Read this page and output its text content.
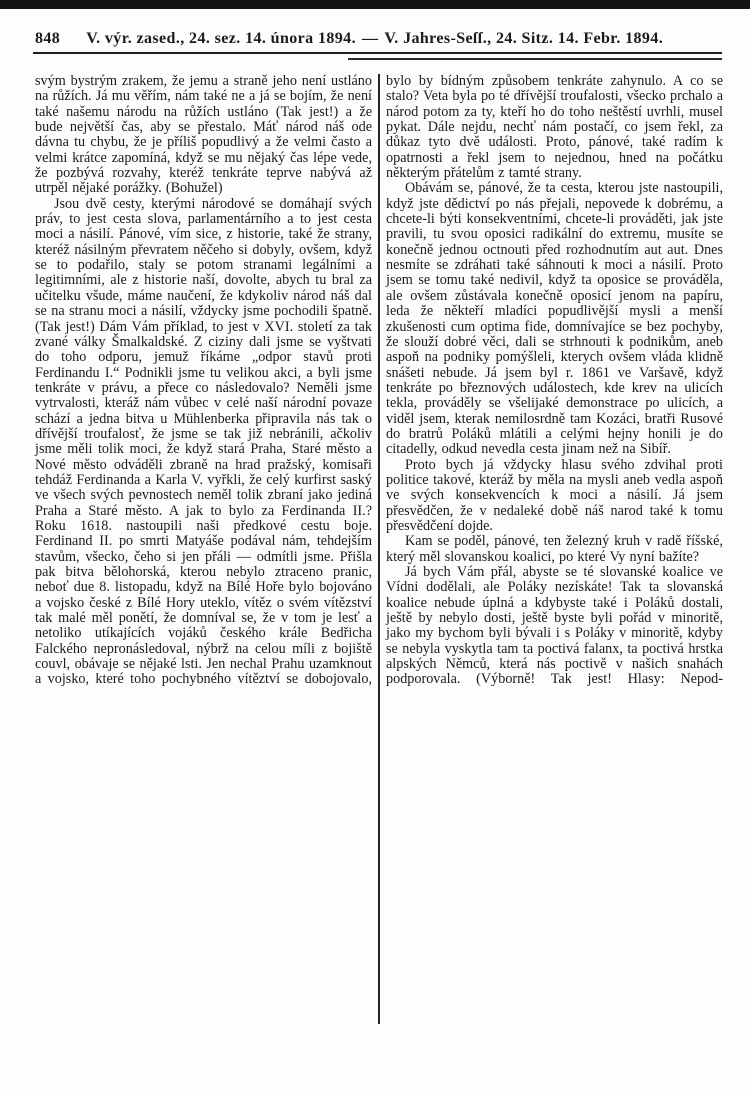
848 V. výr. zased., 24. sez. 14. února 1894. — V. Jahres-Seſſ., 24. Sitz. 14. Febr. 1894.

svým bystrým zrakem, že jemu a straně jeho není ustláno na růžích. Já mu věřím, nám také ne a já se bojím, že není také našemu národu na růžích ustláno (Tak jest!) a že bude největší čas, aby se přestalo. Máť národ náš ode dávna tu chybu, že je příliš popudlivý a že velmi často a velmi krátce zapomíná, když se mu nějaký čas lépe vede, že pozbývá rozvahy, kteréž tenkráte teprve nabývá až utrpěl nějaké porážky. (Bohužel)

Jsou dvě cesty, kterými národové se domáhají svých práv, to jest cesta slova, parlamentárního a to jest cesta moci a násilí. Pánové, vím sice, z historie, také že strany, kteréž násilným převratem něčeho si dobyly, ovšem, když se to podařilo, staly se potom stranami legálními a legitimními, ale z historie naší, dovolte, abych tu bral za učitelku všude, máme naučení, že kdykoliv národ náš dal se na stranu moci a násilí, vždycky jsme pochodili špatně. (Tak jest!) Dám Vám příklad, to jest v XVI. století za tak zvané války Šmalkaldské. Z ciziny dali jsme se vyštvati do toho odporu, jemuž říkáme „odpor stavů proti Ferdinandu I.“ Podnikli jsme tu velikou akci, a byli jsme tenkráte v právu, a přece co následovalo? Neměli jsme vytrvalosti, kteráž nám vůbec v celé naší národní povaze schází a jedna bitva u Mühlenberka připravila nás tak o dřívější troufalosť, že jsme se tak již nebránili, ačkoliv jsme měli tolik moci, že když stará Praha, Staré město a Nové město odváděli zbraně na hrad pražský, komisaři tehdáž Ferdinanda a Karla V. vyřkli, že celý kurfirst saský ve všech svých pevnostech neměl tolik zbraní jako jediná Praha a Staré město. A jak to bylo za Ferdinanda II.? Roku 1618. nastoupili naši předkové cestu boje. Ferdinand II. po smrti Matyáše podával nám, tehdejším stavům, všecko, čeho si jen přáli — odmítli jsme. Přišla pak bitva bělohorská, kterou nebylo ztraceno pranic, neboť due 8. listopadu, když na Bílé Hoře bylo bojováno a vojsko české z Bílé Hory uteklo, vítěz o svém vítězství tak malé měl ponětí, že domníval se, že v tom je lesť a netoliko utíkajících vojáků českého krále Bedřicha Falckého nepronásledoval, nýbrž na celou míli z bojiště couvl, obávaje se nějaké lsti. Jen nechal Prahu uzamknout a vojsko, které toho pochybného vítěztví se dobojovalo,

bylo by bídným způsobem tenkráte zahynulo. A co se stalo? Veta byla po té dřívější troufalosti, všecko prchalo a národ potom za ty, kteří ho do toho neštěstí uvrhli, musel pykat. Dále nejdu, nechť nám postačí, co jsem řekl, za důkaz tyto dvě události. Proto, pánové, také radím k opatrnosti a řekl jsem to nejednou, hned na počátku některým přátelům z tamté strany.

Obávám se, pánové, že ta cesta, kterou jste nastoupili, když jste dědictví po nás přejali, nepovede k dobrému, a chcete-li býti konsekventními, chcete-li prováděti, jak jste pravili, tu svou oposici radikální do extremu, musíte se konečně jednou octnouti před rozhodnutím aut aut. Dnes nesmíte se zdráhati také sáhnouti k moci a násilí. Proto jsem se tomu také nedivil, když ta oposice se prováděla, ale ovšem zůstávala konečně oposicí jenom na papíru, leda že někteří mladíci popudlivější mysli a menší zkušenosti cum optima fide, domnívajíce se bez pochyby, že slouží dobré věci, dali se strhnouti k podnikům, aneb aspoň na podniky pomýšleli, kterych ovšem vláda klidně snášeti nebude. Já jsem byl r. 1861 ve Varšavě, když tenkráte po březnových událostech, kde krev na ulicích tekla, prováděly se všelijaké demonstrace po ulicích, a viděl jsem, kterak nemilosrdně tam Kozáci, bratři Rusové do bratrů Poláků mlátili a celými hejny honili je do citadelly, odkud nevedla cesta jinam než na Sibíř.

Proto bych já vždycky hlasu svého zdvihal proti politice takové, kteráž by měla na mysli aneb vedla aspoň ve svých konsekvencích k moci a násilí. Já jsem přesvědčen, že v nedaleké době náš narod také k tomu přesvědčení dojde.

Kam se poděl, pánové, ten železný kruh v radě říšské, který měl slovanskou koalici, po které Vy nyní bažíte?

Já bych Vám přál, abyste se té slovanské koalice ve Vídni dodělali, ale Poláky nezískáte! Tak ta slovanská koalice nebude úplná a kdybyste také i Poláků dostali, ještě by nebylo dosti, ještě byste byli pořád v minoritě, jako my bychom byli bývali i s Poláky v minoritě, kdyby se nebyla vyskytla tam ta poctivá falanx, ta poctivá hrstka alpských Němců, která nás poctivě v našich snahách podporovala. (Výborně! Tak jest! Hlasy: Nepod-
